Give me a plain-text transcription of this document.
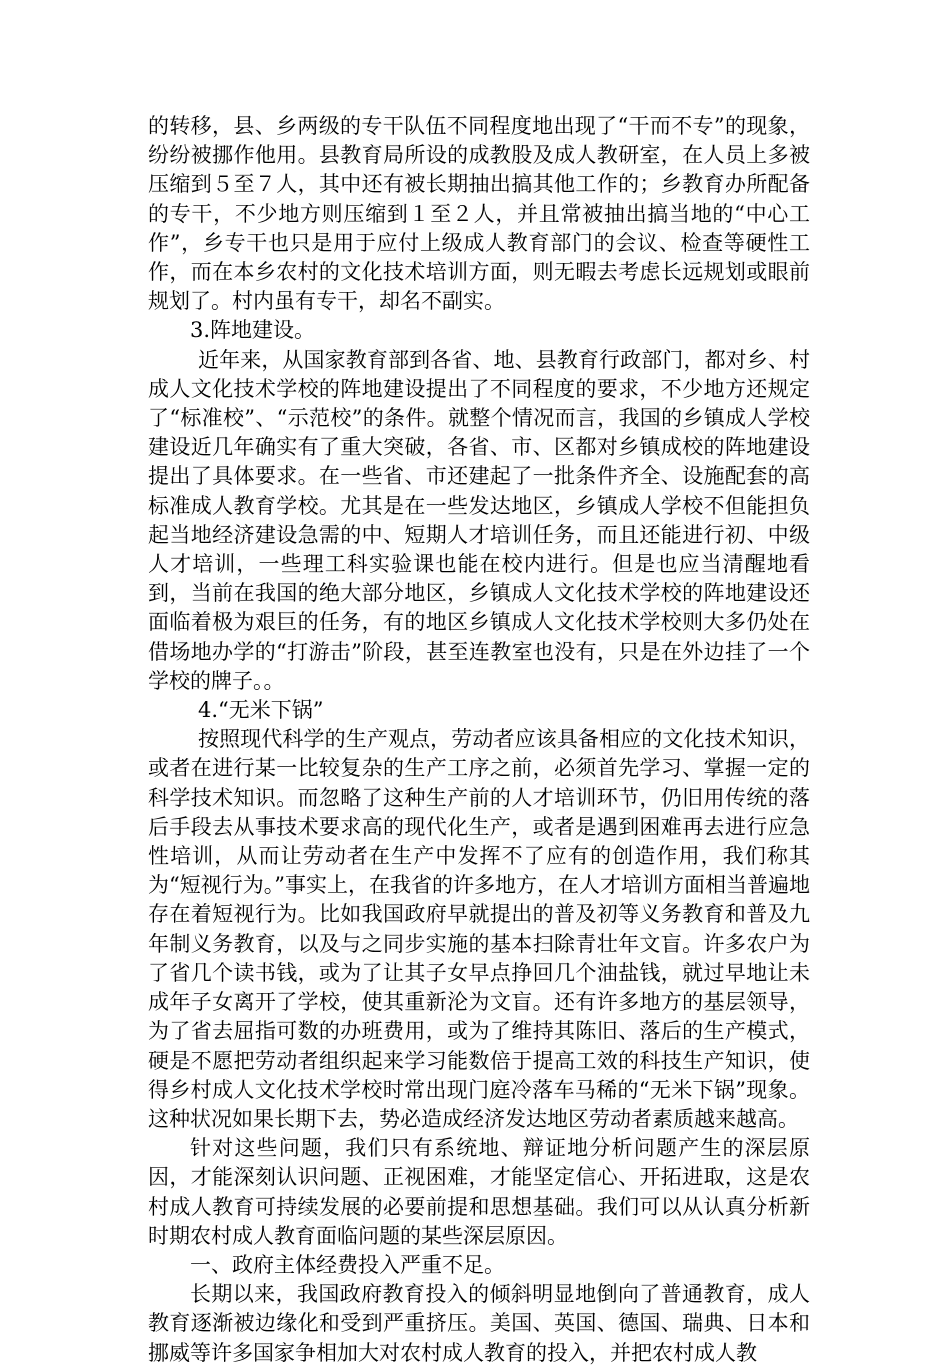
的转移，县、乡两级的专干队伍不同程度地出现了“干而不专”的现象，纷纷被挪作他用。县教育局所设的成教股及成人教研室，在人员上多被压缩到５至７人，其中还有被长期抽出搞其他工作的；乡教育办所配备的专干，不少地方则压缩到１至２人，并且常被抽出搞当地的“中心工作”，乡专干也只是用于应付上级成人教育部门的会议、检查等硬性工作，而在本乡农村的文化技术培训方面，则无暇去考虑长远规划或眼前规划了。村内虽有专干，却名不副实。

3.阵地建设。

近年来，从国家教育部到各省、地、县教育行政部门，都对乡、村成人文化技术学校的阵地建设提出了不同程度的要求，不少地方还规定了“标准校”、“示范校”的条件。就整个情况而言，我国的乡镇成人学校建设近几年确实有了重大突破，各省、市、区都对乡镇成校的阵地建设提出了具体要求。在一些省、市还建起了一批条件齐全、设施配套的高标准成人教育学校。尤其是在一些发达地区，乡镇成人学校不但能担负起当地经济建设急需的中、短期人才培训任务，而且还能进行初、中级人才培训，一些理工科实验课也能在校内进行。但是也应当清醒地看到，当前在我国的绝大部分地区，乡镇成人文化技术学校的阵地建设还面临着极为艰巨的任务，有的地区乡镇成人文化技术学校则大多仍处在借场地办学的“打游击”阶段，甚至连教室也没有，只是在外边挂了一个学校的牌子。。

4.“无米下锅”

按照现代科学的生产观点，劳动者应该具备相应的文化技术知识，或者在进行某一比较复杂的生产工序之前，必须首先学习、掌握一定的科学技术知识。而忽略了这种生产前的人才培训环节，仍旧用传统的落后手段去从事技术要求高的现代化生产，或者是遇到困难再去进行应急性培训，从而让劳动者在生产中发挥不了应有的创造作用，我们称其为“短视行为。”事实上，在我省的许多地方，在人才培训方面相当普遍地存在着短视行为。比如我国政府早就提出的普及初等义务教育和普及九年制义务教育，以及与之同步实施的基本扫除青壮年文盲。许多农户为了省几个读书钱，或为了让其子女早点挣回几个油盐钱，就过早地让未成年子女离开了学校，使其重新沦为文盲。还有许多地方的基层领导，为了省去屈指可数的办班费用，或为了维持其陈旧、落后的生产模式，硬是不愿把劳动者组织起来学习能数倍于提高工效的科技生产知识，使得乡村成人文化技术学校时常出现门庭冷落车马稀的“无米下锅”现象。这种状况如果长期下去，势必造成经济发达地区劳动者素质越来越高。

针对这些问题，我们只有系统地、辩证地分析问题产生的深层原因，才能深刻认识问题、正视困难，才能坚定信心、开拓进取，这是农村成人教育可持续发展的必要前提和思想基础。我们可以从认真分析新时期农村成人教育面临问题的某些深层原因。

一、政府主体经费投入严重不足。

长期以来，我国政府教育投入的倾斜明显地倒向了普通教育，成人教育逐渐被边缘化和受到严重挤压。美国、英国、德国、瑞典、日本和挪威等许多国家争相加大对农村成人教育的投入，并把农村成人教
